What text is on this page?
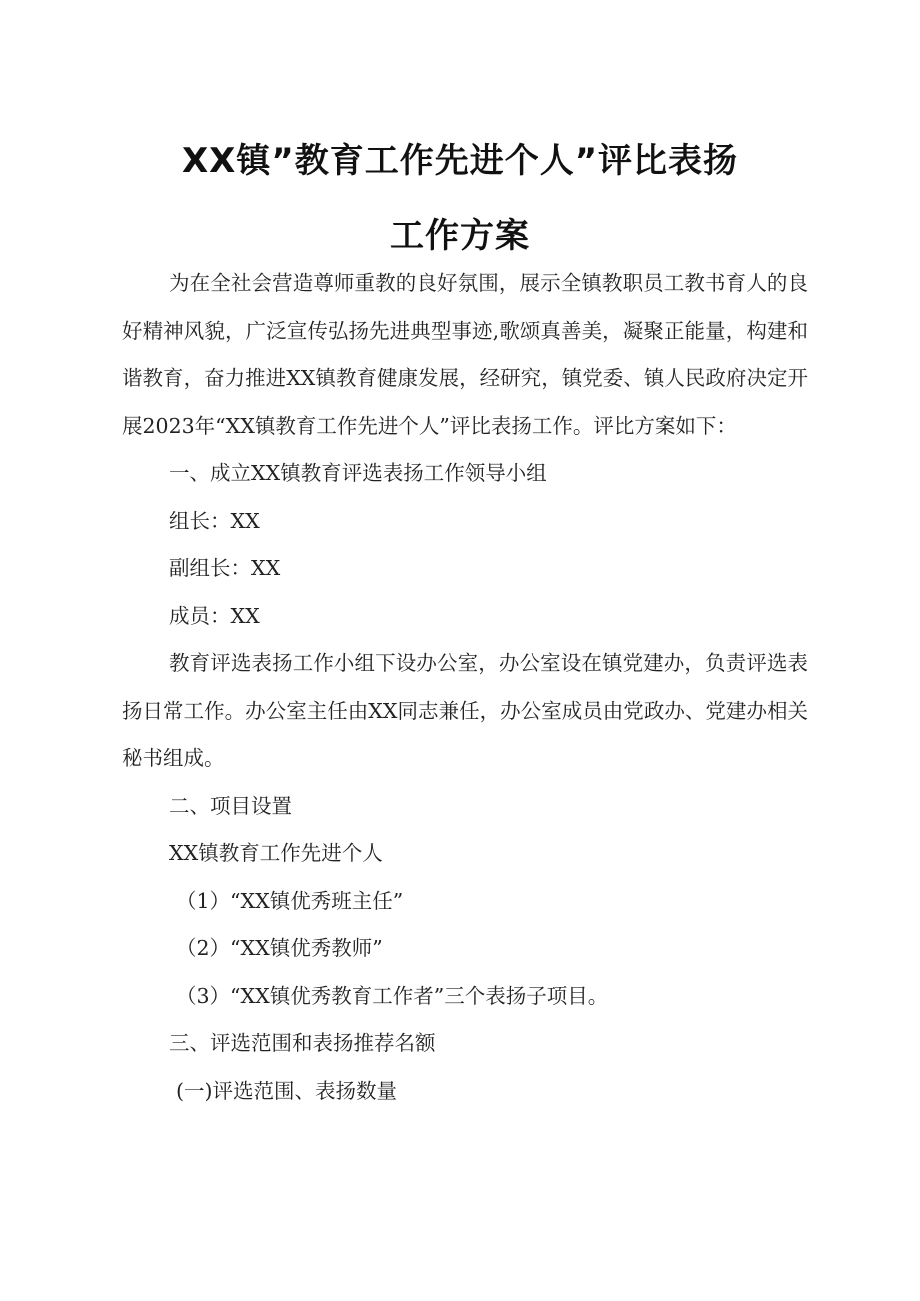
XX镇”教育工作先进个人”评比表扬
工作方案

为在全社会营造尊师重教的良好氛围，展示全镇教职员工教书育人的良好精神风貌，广泛宣传弘扬先进典型事迹,歌颂真善美，凝聚正能量，构建和谐教育，奋力推进XX镇教育健康发展，经研究，镇党委、镇人民政府决定开展2023年“XX镇教育工作先进个人”评比表扬工作。评比方案如下：

一、成立XX镇教育评选表扬工作领导小组

组长：XX

副组长：XX

成员：XX

教育评选表扬工作小组下设办公室，办公室设在镇党建办，负责评选表扬日常工作。办公室主任由XX同志兼任，办公室成员由党政办、党建办相关秘书组成。

二、项目设置

XX镇教育工作先进个人

（1）“XX镇优秀班主任”

（2）“XX镇优秀教师”

（3）“XX镇优秀教育工作者”三个表扬子项目。

三、评选范围和表扬推荐名额

(一)评选范围、表扬数量
